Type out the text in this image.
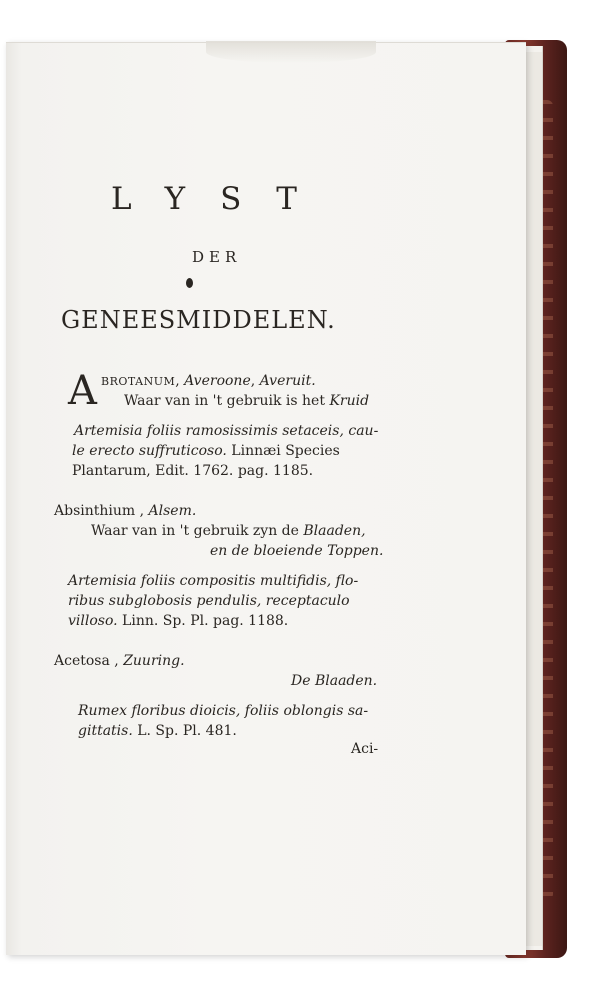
LYST
DER
GENEESMIDDELEN.
A BROTANUM, Averoone, Averuit.
Waar van in 't gebruik is het Kruid
Artemisia foliis ramosissimis setaceis, cau-
le erecto suffruticoso. Linnæi Species
Plantarum, Edit. 1762. pag. 1185.
Absinthium , Alsem.
Waar van in 't gebruik zyn de Blaaden,
en de bloeiende Toppen.
Artemisia foliis compositis multifidis, flo-
ribus subglobosis pendulis, receptaculo
villoso. Linn. Sp. Pl. pag. 1188.
Acetosa , Zuuring.
De Blaaden.
Rumex floribus dioicis, foliis oblongis sa-
gittatis. L. Sp. Pl. 481.
Aci-
